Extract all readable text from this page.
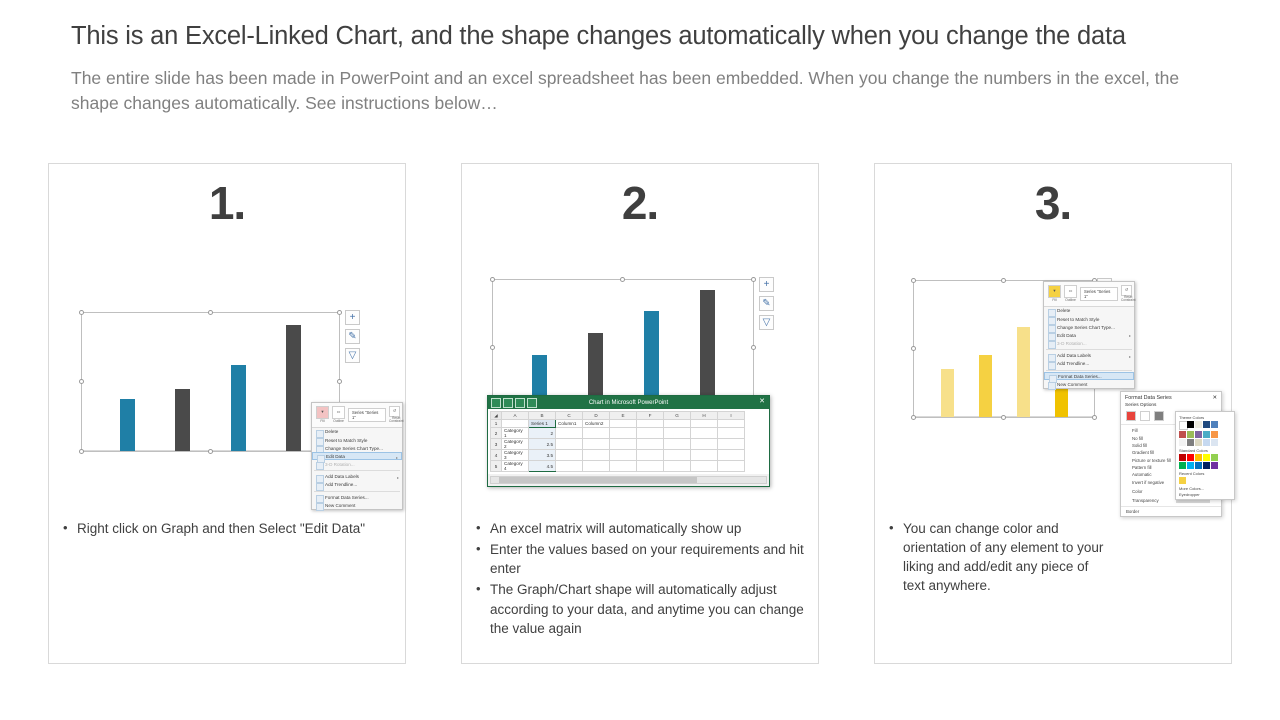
This is an Excel-Linked Chart, and the shape changes automatically when you change the data
The entire slide has been made in PowerPoint and an excel spreadsheet has been embedded. When you change the numbers in the excel, the shape changes automatically. See instructions below…
1.
+
✎
▽
▼
Fill
▭
Outline
Series "Series 1"
↺
Reset Constraint
Delete
Reset to Match Style
Change Series Chart Type...
Edit Data	▸
3-D Rotation...
Add Data Labels	▸
Add Trendline...
Format Data Series...
New Comment
• Right click on Graph and then Select "Edit Data"
2.
+
✎
▽
Chart in Microsoft PowerPoint	✕
◢	A	B	C	D	E	F	G	H	I
1		Series 1	Column1	Column2					
2	Category 1	2							
3	Category 2	2.5							
4	Category 3	3.5							
5	Category 4	4.5							
• An excel matrix will automatically show up
• Enter the values based on your requirements and hit enter
• The Graph/Chart shape will automatically adjust according to your data, and anytime you can change the value again
3.
▼
Fill
▭
Outline
Series "Series 1"
↺
Reset Constraint
Delete
Reset to Match Style
Change Series Chart Type...
Edit Data	▸
3-D Rotation...
Add Data Labels	▸
Add Trendline...
Format Data Series...
New Comment
Format Data Series	✕
Series Options
Fill
No fill
Solid fill
Gradient fill
Picture or texture fill
Pattern fill
Automatic
Invert if negative
Color
Transparency
Border
Theme Colors
Standard Colors
Recent Colors
More Colors...
Eyedropper
• You can change color and orientation of any element to your liking and add/edit any piece of text anywhere.
